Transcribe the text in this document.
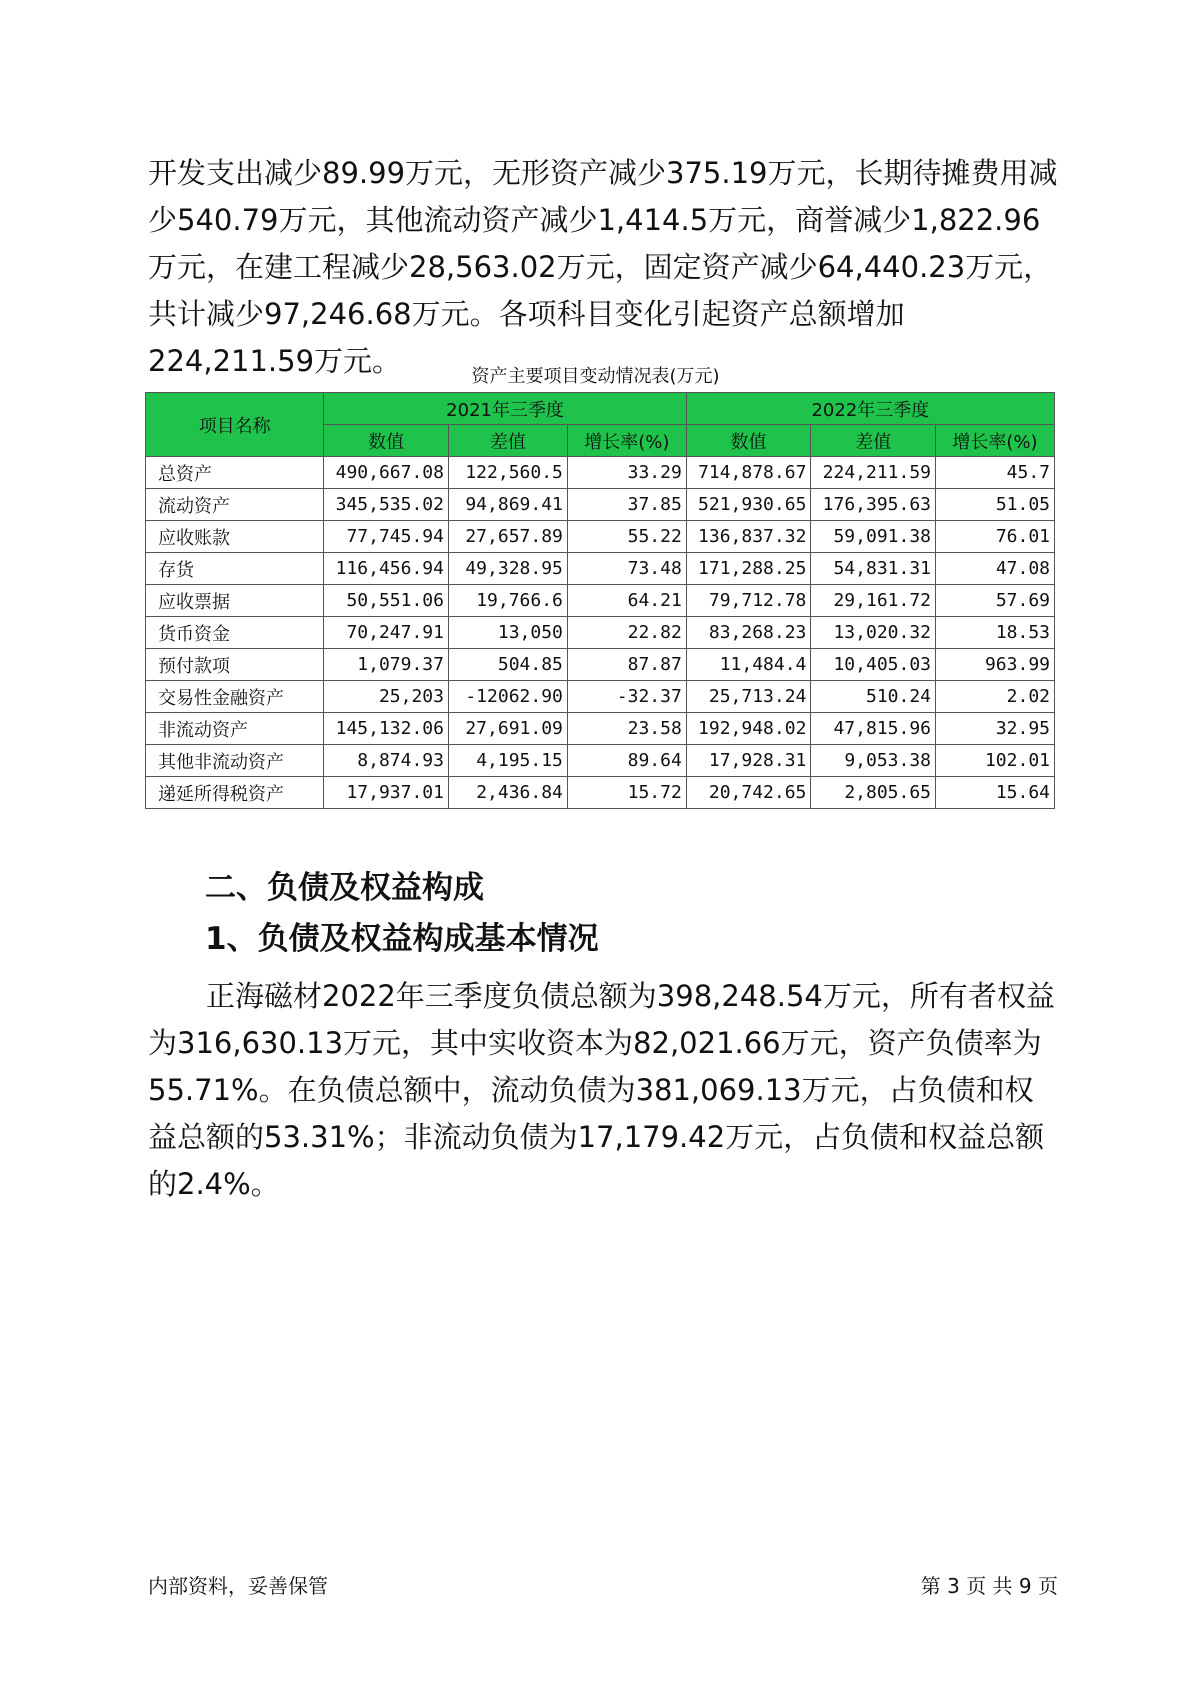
开发支出减少89.99万元，无形资产减少375.19万元，长期待摊费用减少540.79万元，其他流动资产减少1,414.5万元，商誉减少1,822.96万元，在建工程减少28,563.02万元，固定资产减少64,440.23万元，共计减少97,246.68万元。各项科目变化引起资产总额增加224,211.59万元。	资产主要项目变动情况表(万元)
项目名称	2021年三季度			2022年三季度		
	数值	差值	增长率(%)	数值	差值	增长率(%)
总资产	490,667.08	122,560.5	33.29	714,878.67	224,211.59	45.7
流动资产	345,535.02	94,869.41	37.85	521,930.65	176,395.63	51.05
应收账款	77,745.94	27,657.89	55.22	136,837.32	59,091.38	76.01
存货	116,456.94	49,328.95	73.48	171,288.25	54,831.31	47.08
应收票据	50,551.06	19,766.6	64.21	79,712.78	29,161.72	57.69
货币资金	70,247.91	13,050	22.82	83,268.23	13,020.32	18.53
预付款项	1,079.37	504.85	87.87	11,484.4	10,405.03	963.99
交易性金融资产	25,203	-12062.90	-32.37	25,713.24	510.24	2.02
非流动资产	145,132.06	27,691.09	23.58	192,948.02	47,815.96	32.95
其他非流动资产	8,874.93	4,195.15	89.64	17,928.31	9,053.38	102.01
递延所得税资产	17,937.01	2,436.84	15.72	20,742.65	2,805.65	15.64
二、负债及权益构成
1、负债及权益构成基本情况

正海磁材2022年三季度负债总额为398,248.54万元，所有者权益为316,630.13万元，其中实收资本为82,021.66万元，资产负债率为55.71%。在负债总额中，流动负债为381,069.13万元，占负债和权益总额的53.31%；非流动负债为17,179.42万元，占负债和权益总额的2.4%。

内部资料，妥善保管	第 3 页 共 9 页
